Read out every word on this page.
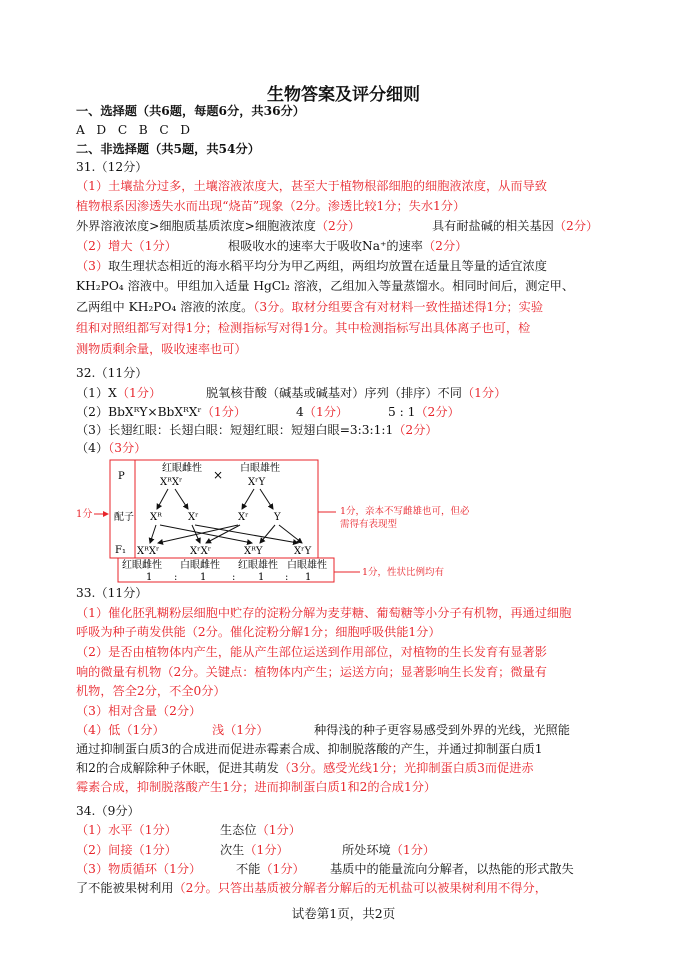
生物答案及评分细则
一、选择题（共6题，每题6分，共36分）
A   D   C   B   C   D
二、非选择题（共5题，共54分）
31.（12分）
（1）土壤盐分过多，土壤溶液浓度大，甚至大于植物根部细胞的细胞液浓度，从而导致
植物根系因渗透失水而出现“烧苗”现象（2分。渗透比较1分；失水1分）
外界溶液浓度>细胞质基质浓度>细胞液浓度（2分）	具有耐盐碱的相关基因（2分）
（2）增大（1分）	根吸收水的速率大于吸收Na⁺的速率（2分）
（3）取生理状态相近的海水稻平均分为甲乙两组，两组均放置在适量且等量的适宜浓度
KH₂PO₄ 溶液中。甲组加入适量 HgCl₂ 溶液，乙组加入等量蒸馏水。相同时间后，测定甲、
乙两组中 KH₂PO₄ 溶液的浓度。（3分。取材分组要含有对材料一致性描述得1分；实验
组和对照组都写对得1分；检测指标写对得1分。其中检测指标写出具体离子也可，检
测物质剩余量，吸收速率也可）
32.（11分）
（1）X（1分）	脱氧核苷酸（碱基或碱基对）序列（排序）不同（1分）
（2）BbXᴿY×BbXᴿXʳ（1分）	4（1分）	5 : 1（2分）
（3）长翅红眼：长翅白眼：短翅红眼：短翅白眼=3:3:1:1（2分）
（4）（3分）
P
配子
F₁
红眼雌性	白眼雄性
×
XᴿXʳ	XʳY
Xᴿ	Xʳ	Xʳ	Y
XᴿXʳ	XʳXʳ	XᴿY	XʳY
红眼雌性 白眼雌性 红眼雄性 白眼雄性
1 : 1	: 1 : 1
1分	1分，亲本不写雌雄也可，但必
需得有表现型
1分，性状比例均有
33.（11分）
（1）催化胚乳糊粉层细胞中贮存的淀粉分解为麦芽糖、葡萄糖等小分子有机物，再通过细胞
呼吸为种子萌发供能（2分。催化淀粉分解1分；细胞呼吸供能1分）
（2）是否由植物体内产生，能从产生部位运送到作用部位，对植物的生长发育有显著影
响的微量有机物（2分。关键点：植物体内产生；运送方向；显著影响生长发育；微量有
机物，答全2分，不全0分）
（3）相对含量（2分）
（4）低（1分）	浅（1分）	种得浅的种子更容易感受到外界的光线，光照能
通过抑制蛋白质3的合成进而促进赤霉素合成、抑制脱落酸的产生，并通过抑制蛋白质1
和2的合成解除种子休眠，促进其萌发（3分。感受光线1分；光抑制蛋白质3而促进赤
霉素合成，抑制脱落酸产生1分；进而抑制蛋白质1和2的合成1分）
34.（9分）
（1）水平（1分）	生态位（1分）
（2）间接（1分）	次生（1分）	所处环境（1分）
（3）物质循环（1分）	不能（1分） 基质中的能量流向分解者，以热能的形式散失
了不能被果树利用（2分。只答出基质被分解者分解后的无机盐可以被果树利用不得分，
试卷第1页，共2页
